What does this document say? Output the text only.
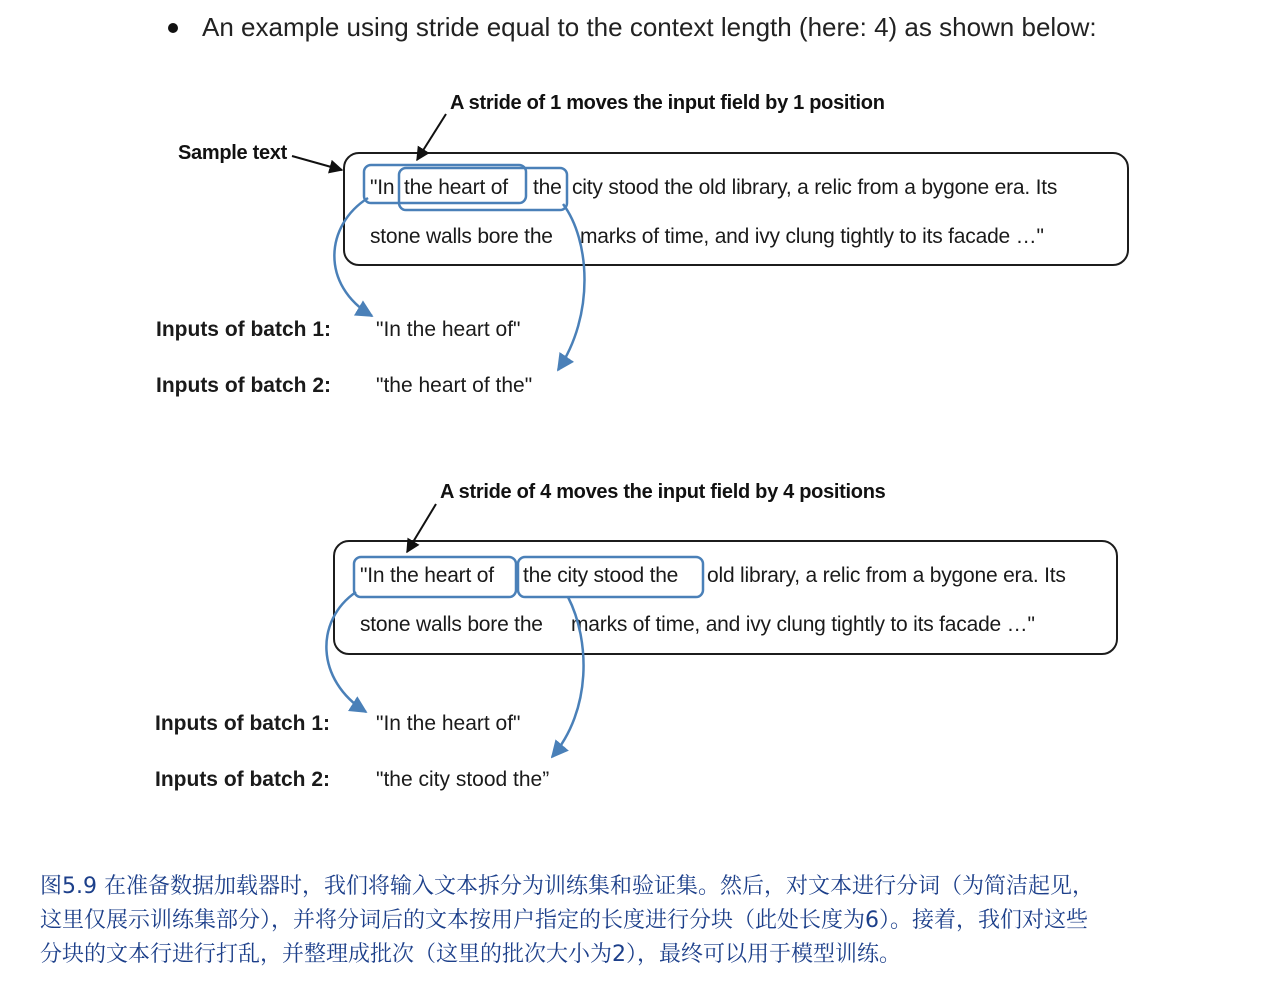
An example using stride equal to the context length (here: 4) as shown below:
A stride of 1 moves the input field by 1 position
Sample text
"In the heart of the city stood the old library, a relic from a bygone era. Its
stone walls bore the marks of time, and ivy clung tightly to its facade …"
Inputs of batch 1: "In the heart of"
Inputs of batch 2: "the heart of the"
A stride of 4 moves the input field by 4 positions
"In the heart of the city stood the old library, a relic from a bygone era. Its
stone walls bore the marks of time, and ivy clung tightly to its facade …"
Inputs of batch 1: "In the heart of"
Inputs of batch 2: "the city stood the”
图5.9 在准备数据加载器时，我们将输入文本拆分为训练集和验证集。然后，对文本进行分词（为简洁起见，
这里仅展示训练集部分），并将分词后的文本按用户指定的长度进行分块（此处长度为6）。接着，我们对这些
分块的文本行进行打乱，并整理成批次（这里的批次大小为2），最终可以用于模型训练。
